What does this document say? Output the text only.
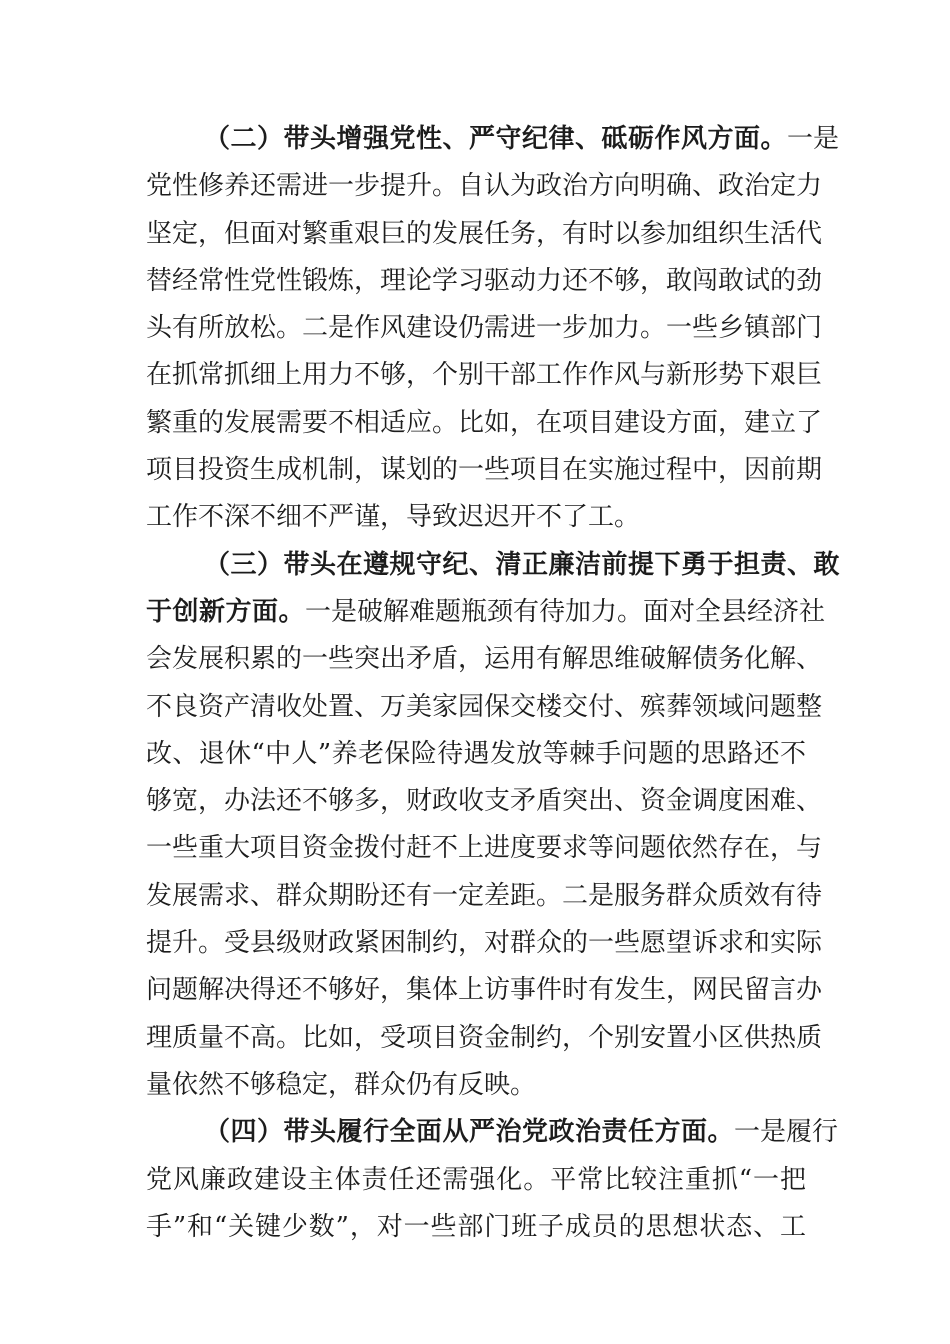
（二）带头增强党性、严守纪律、砥砺作风方面。一是
党性修养还需进一步提升。自认为政治方向明确、政治定力
坚定，但面对繁重艰巨的发展任务，有时以参加组织生活代
替经常性党性锻炼，理论学习驱动力还不够，敢闯敢试的劲
头有所放松。二是作风建设仍需进一步加力。一些乡镇部门
在抓常抓细上用力不够，个别干部工作作风与新形势下艰巨
繁重的发展需要不相适应。比如，在项目建设方面，建立了
项目投资生成机制，谋划的一些项目在实施过程中，因前期
工作不深不细不严谨，导致迟迟开不了工。
（三）带头在遵规守纪、清正廉洁前提下勇于担责、敢
于创新方面。一是破解难题瓶颈有待加力。面对全县经济社
会发展积累的一些突出矛盾，运用有解思维破解债务化解、
不良资产清收处置、万美家园保交楼交付、殡葬领域问题整
改、退休“中人”养老保险待遇发放等棘手问题的思路还不
够宽，办法还不够多，财政收支矛盾突出、资金调度困难、
一些重大项目资金拨付赶不上进度要求等问题依然存在，与
发展需求、群众期盼还有一定差距。二是服务群众质效有待
提升。受县级财政紧困制约，对群众的一些愿望诉求和实际
问题解决得还不够好，集体上访事件时有发生，网民留言办
理质量不高。比如，受项目资金制约，个别安置小区供热质
量依然不够稳定，群众仍有反映。
（四）带头履行全面从严治党政治责任方面。一是履行
党风廉政建设主体责任还需强化。平常比较注重抓“一把
手”和“关键少数”，对一些部门班子成员的思想状态、工
